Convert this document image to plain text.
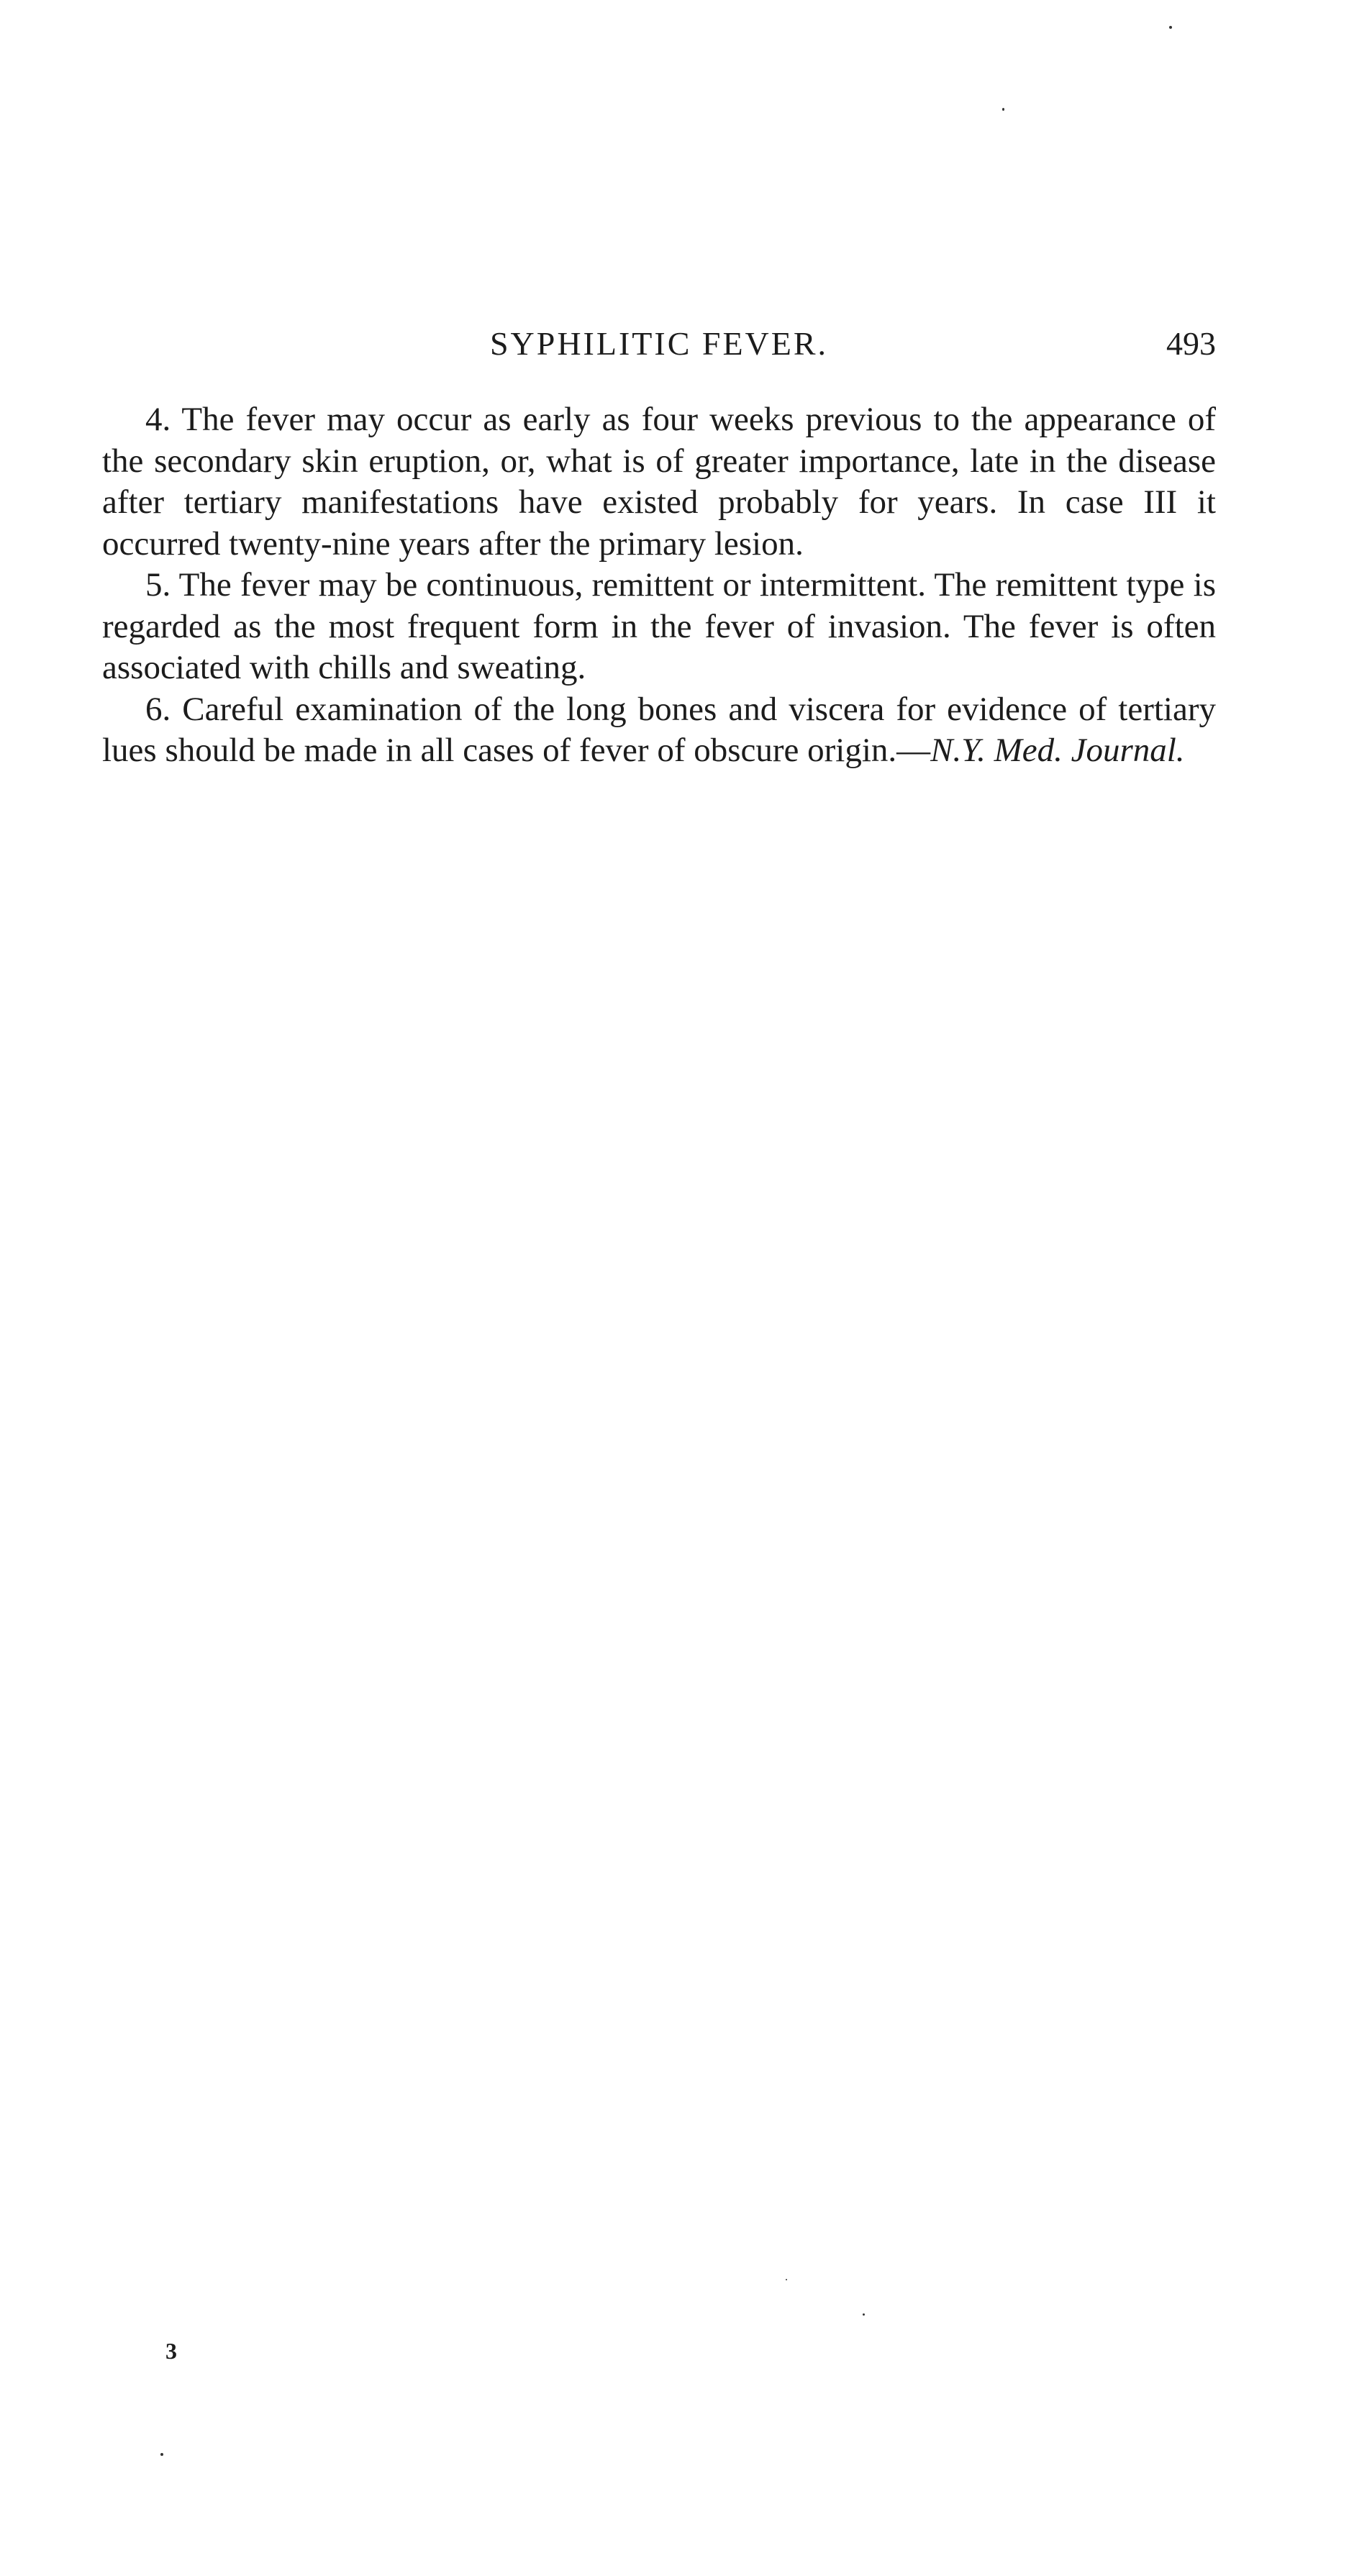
SYPHILITIC FEVER.	493

4. The fever may occur as early as four weeks previous to the appearance of the secondary skin eruption, or, what is of greater importance, late in the disease after tertiary manifestations have existed probably for years. In case III it occurred twenty-nine years after the primary lesion.

5. The fever may be continuous, remittent or intermittent. The remittent type is regarded as the most frequent form in the fever of invasion. The fever is often associated with chills and sweating.

6. Careful examination of the long bones and viscera for evidence of tertiary lues should be made in all cases of fever of obscure origin.—N.Y. Med. Journal.

3
